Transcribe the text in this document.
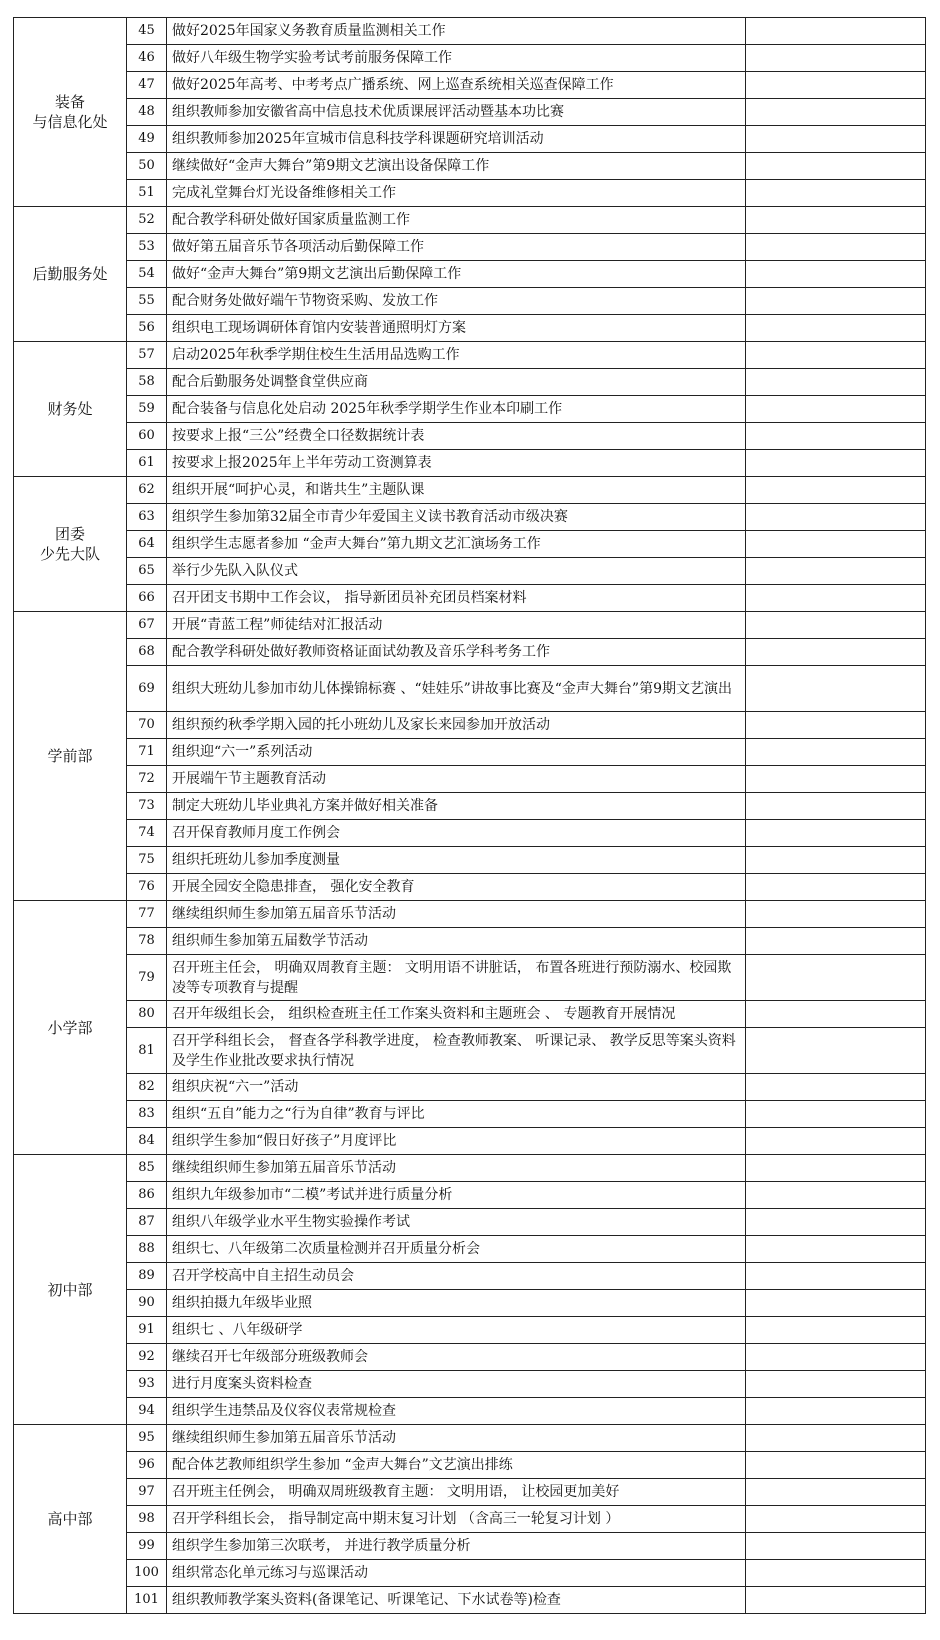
装备
与信息化处	45	做好2025年国家义务教育质量监测相关工作	
	46	做好八年级生物学实验考试考前服务保障工作	
	47	做好2025年高考、中考考点广播系统、网上巡查系统相关巡查保障工作	
	48	组织教师参加安徽省高中信息技术优质课展评活动暨基本功比赛	
	49	组织教师参加2025年宣城市信息科技学科课题研究培训活动	
	50	继续做好“金声大舞台”第9期文艺演出设备保障工作	
	51	完成礼堂舞台灯光设备维修相关工作	
后勤服务处	52	配合教学科研处做好国家质量监测工作	
	53	做好第五届音乐节各项活动后勤保障工作	
	54	做好“金声大舞台”第9期文艺演出后勤保障工作	
	55	配合财务处做好端午节物资采购、发放工作	
	56	组织电工现场调研体育馆内安装普通照明灯方案	
财务处	57	启动2025年秋季学期住校生生活用品选购工作	
	58	配合后勤服务处调整食堂供应商	
	59	配合装备与信息化处启动 2025年秋季学期学生作业本印刷工作	
	60	按要求上报“三公”经费全口径数据统计表	
	61	按要求上报2025年上半年劳动工资测算表	
团委
少先大队	62	组织开展“呵护心灵，和谐共生”主题队课	
	63	组织学生参加第32届全市青少年爱国主义读书教育活动市级决赛	
	64	组织学生志愿者参加 “金声大舞台”第九期文艺汇演场务工作	
	65	举行少先队入队仪式	
	66	召开团支书期中工作会议， 指导新团员补充团员档案材料	
学前部	67	开展“青蓝工程”师徒结对汇报活动	
	68	配合教学科研处做好教师资格证面试幼教及音乐学科考务工作	
	69	组织大班幼儿参加市幼儿体操锦标赛 、“娃娃乐”讲故事比赛及“金声大舞台”第9期文艺演出	
	70	组织预约秋季学期入园的托小班幼儿及家长来园参加开放活动	
	71	组织迎“六一”系列活动	
	72	开展端午节主题教育活动	
	73	制定大班幼儿毕业典礼方案并做好相关准备	
	74	召开保育教师月度工作例会	
	75	组织托班幼儿参加季度测量	
	76	开展全园安全隐患排查， 强化安全教育	
小学部	77	继续组织师生参加第五届音乐节活动	
	78	组织师生参加第五届数学节活动	
	79	召开班主任会， 明确双周教育主题： 文明用语不讲脏话， 布置各班进行预防溺水、校园欺凌等专项教育与提醒	
	80	召开年级组长会， 组织检查班主任工作案头资料和主题班会 、 专题教育开展情况	
	81	召开学科组长会， 督查各学科教学进度， 检查教师教案、 听课记录、 教学反思等案头资料及学生作业批改要求执行情况	
	82	组织庆祝“六一”活动	
	83	组织“五自”能力之“行为自律”教育与评比	
	84	组织学生参加“假日好孩子”月度评比	
初中部	85	继续组织师生参加第五届音乐节活动	
	86	组织九年级参加市“二模”考试并进行质量分析	
	87	组织八年级学业水平生物实验操作考试	
	88	组织七、八年级第二次质量检测并召开质量分析会	
	89	召开学校高中自主招生动员会	
	90	组织拍摄九年级毕业照	
	91	组织七 、八年级研学	
	92	继续召开七年级部分班级教师会	
	93	进行月度案头资料检查	
	94	组织学生违禁品及仪容仪表常规检查	
高中部	95	继续组织师生参加第五届音乐节活动	
	96	配合体艺教师组织学生参加 “金声大舞台”文艺演出排练	
	97	召开班主任例会， 明确双周班级教育主题： 文明用语， 让校园更加美好	
	98	召开学科组长会， 指导制定高中期末复习计划 （含高三一轮复习计划 ）	
	99	组织学生参加第三次联考， 并进行教学质量分析	
	100	组织常态化单元练习与巡课活动	
	101	组织教师教学案头资料(备课笔记、听课笔记、下水试卷等)检查	
